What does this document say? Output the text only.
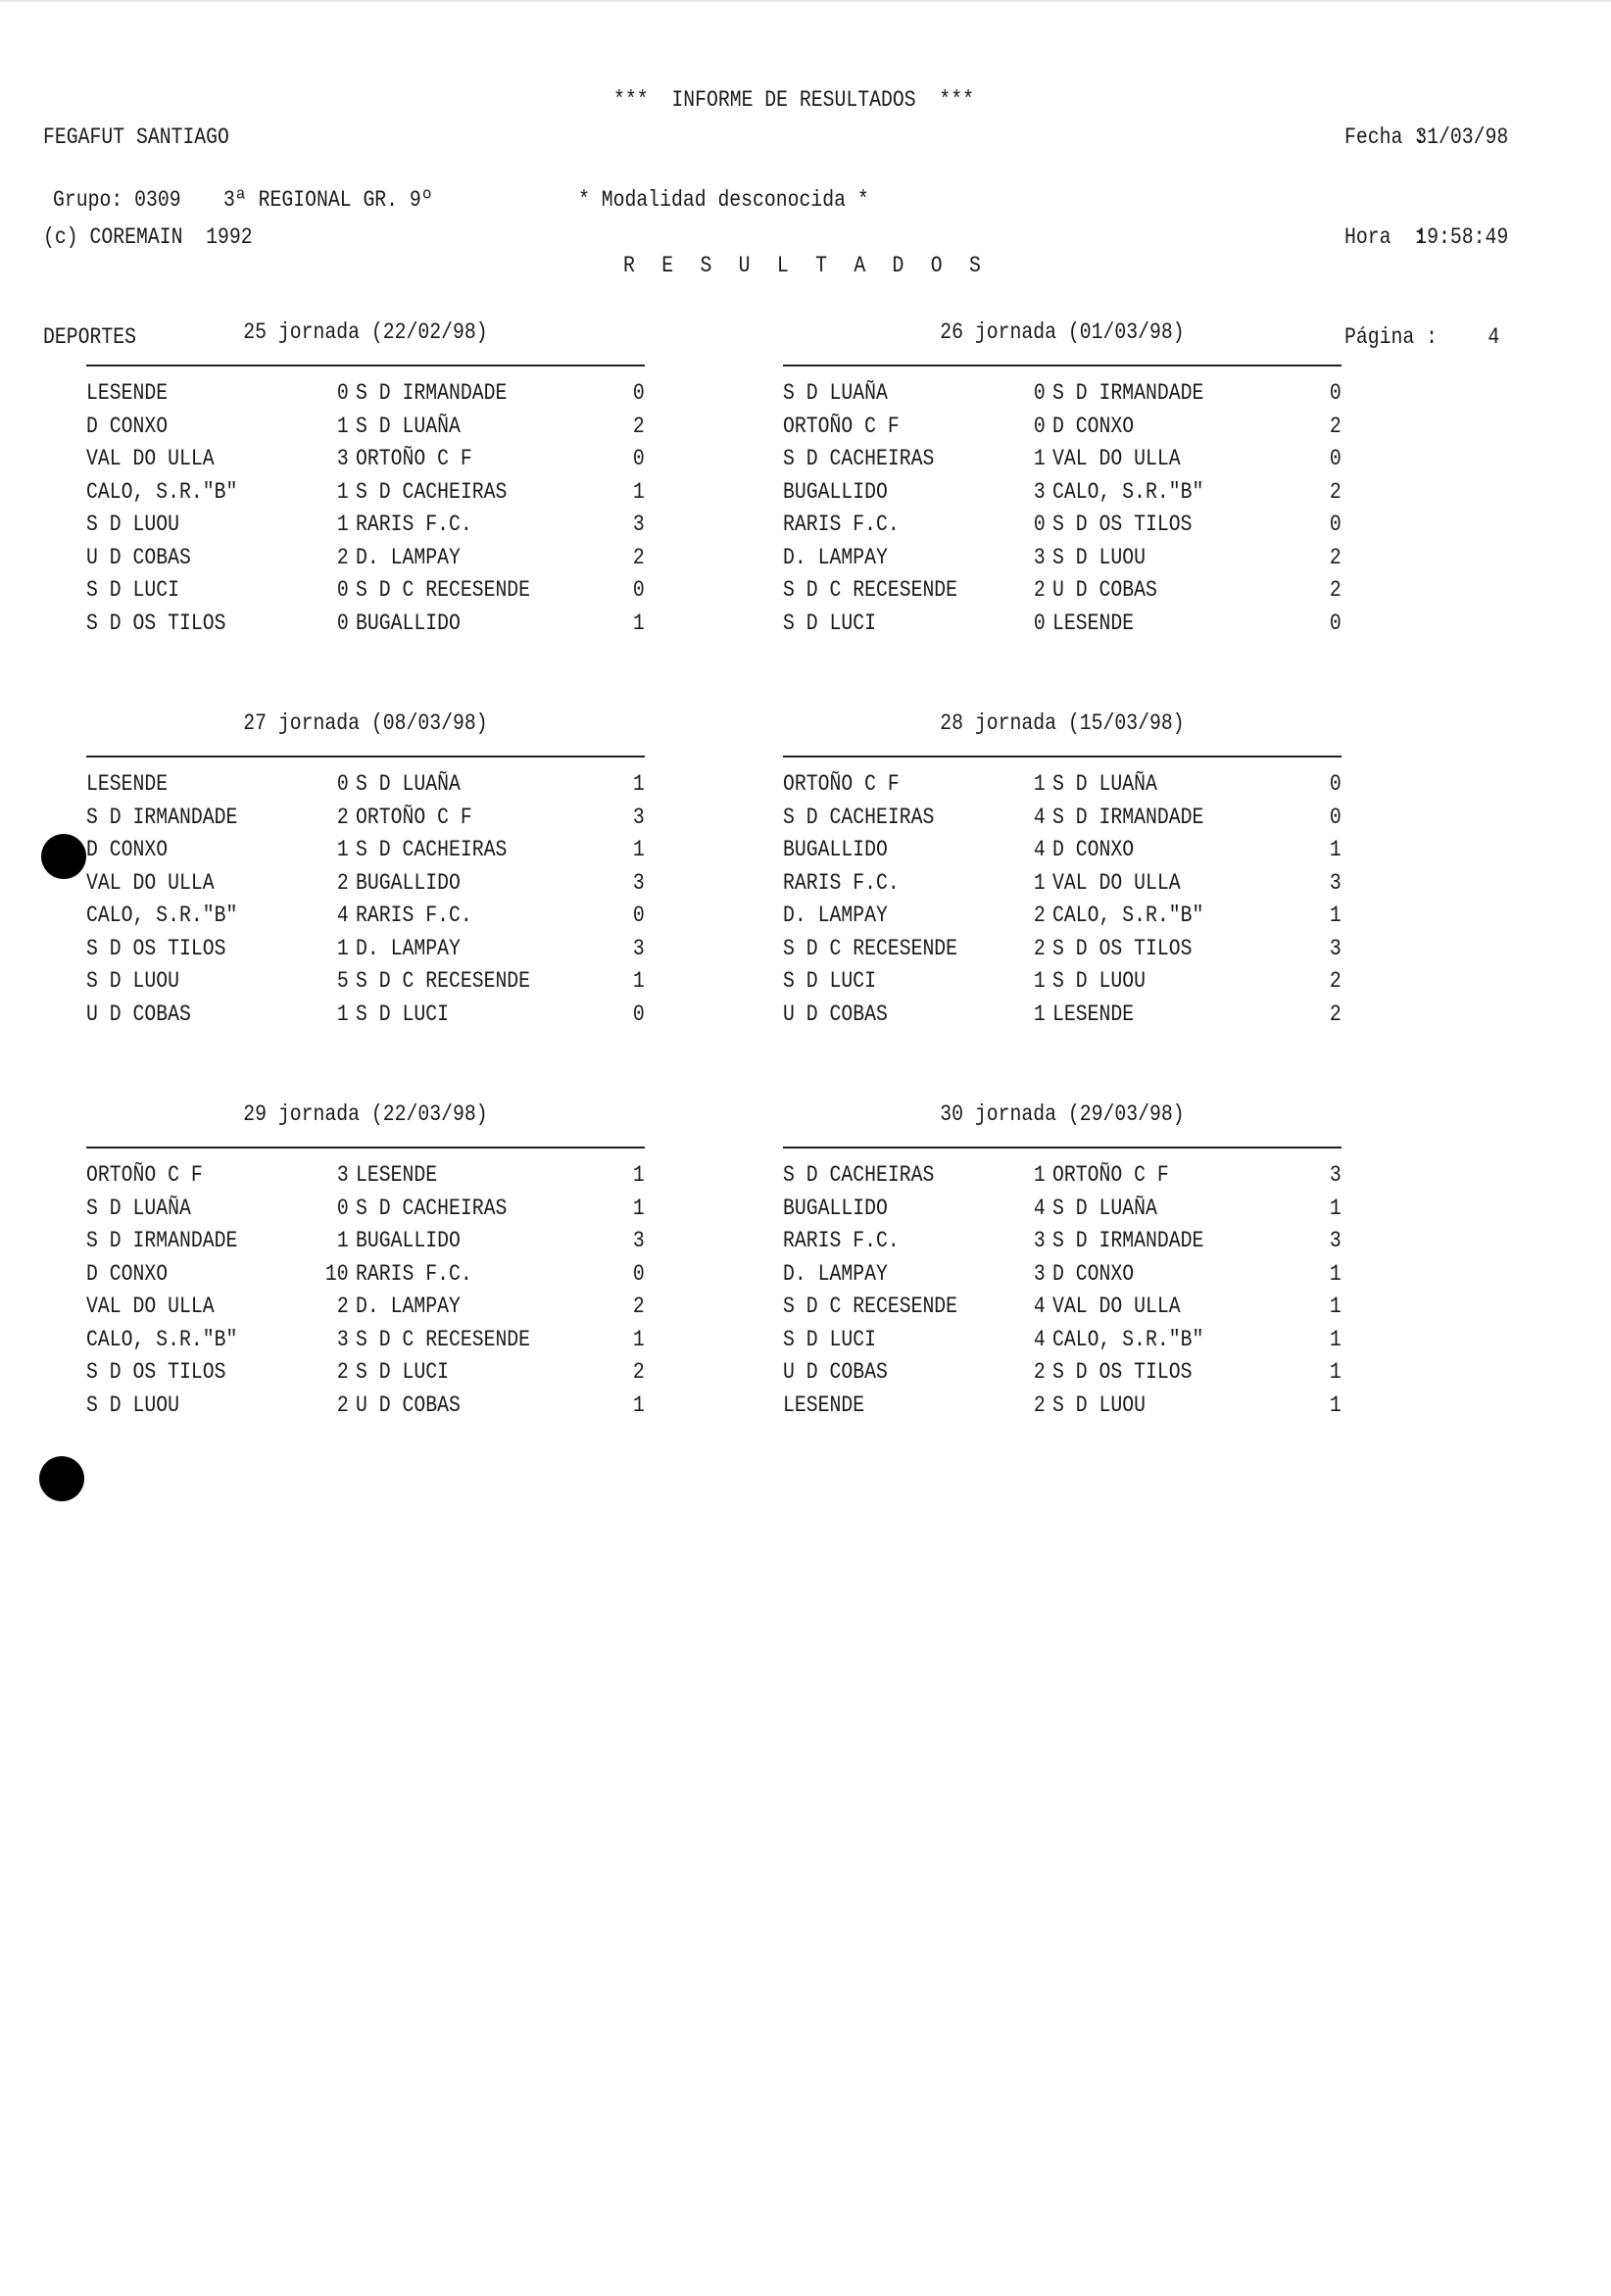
FEGAFUT SANTIAGO

(c) COREMAIN  1992

DEPORTES

***  INFORME DE RESULTADOS  ***

Fecha :
31/03/98

Hora  :
19:58:49

Página :	4

Grupo: 0309 3ª REGIONAL GR. 9º	* Modalidad desconocida *
R E S U L T A D O S
25 jornada (22/02/98)
LESENDE	0 S D IRMANDADE	0
D CONXO	1 S D LUAÑA	2
VAL DO ULLA	3 ORTOÑO C F	0
CALO, S.R."B"	1 S D CACHEIRAS	1
S D LUOU	1 RARIS F.C.	3
U D COBAS	2 D. LAMPAY	2
S D LUCI	0 S D C RECESENDE	0
S D OS TILOS	0 BUGALLIDO	1
26 jornada (01/03/98)
S D LUAÑA	0 S D IRMANDADE	0
ORTOÑO C F	0 D CONXO	2
S D CACHEIRAS	1 VAL DO ULLA	0
BUGALLIDO	3 CALO, S.R."B"	2
RARIS F.C.	0 S D OS TILOS	0
D. LAMPAY	3 S D LUOU	2
S D C RECESENDE	2 U D COBAS	2
S D LUCI	0 LESENDE	0
27 jornada (08/03/98)
LESENDE	0 S D LUAÑA	1
S D IRMANDADE	2 ORTOÑO C F	3
D CONXO	1 S D CACHEIRAS	1
VAL DO ULLA	2 BUGALLIDO	3
CALO, S.R."B"	4 RARIS F.C.	0
S D OS TILOS	1 D. LAMPAY	3
S D LUOU	5 S D C RECESENDE	1
U D COBAS	1 S D LUCI	0
28 jornada (15/03/98)
ORTOÑO C F	1 S D LUAÑA	0
S D CACHEIRAS	4 S D IRMANDADE	0
BUGALLIDO	4 D CONXO	1
RARIS F.C.	1 VAL DO ULLA	3
D. LAMPAY	2 CALO, S.R."B"	1
S D C RECESENDE	2 S D OS TILOS	3
S D LUCI	1 S D LUOU	2
U D COBAS	1 LESENDE	2
29 jornada (22/03/98)
ORTOÑO C F	3 LESENDE	1
S D LUAÑA	0 S D CACHEIRAS	1
S D IRMANDADE	1 BUGALLIDO	3
D CONXO	10 RARIS F.C.	0
VAL DO ULLA	2 D. LAMPAY	2
CALO, S.R."B"	3 S D C RECESENDE	1
S D OS TILOS	2 S D LUCI	2
S D LUOU	2 U D COBAS	1
30 jornada (29/03/98)
S D CACHEIRAS	1 ORTOÑO C F	3
BUGALLIDO	4 S D LUAÑA	1
RARIS F.C.	3 S D IRMANDADE	3
D. LAMPAY	3 D CONXO	1
S D C RECESENDE	4 VAL DO ULLA	1
S D LUCI	4 CALO, S.R."B"	1
U D COBAS	2 S D OS TILOS	1
LESENDE	2 S D LUOU	1
